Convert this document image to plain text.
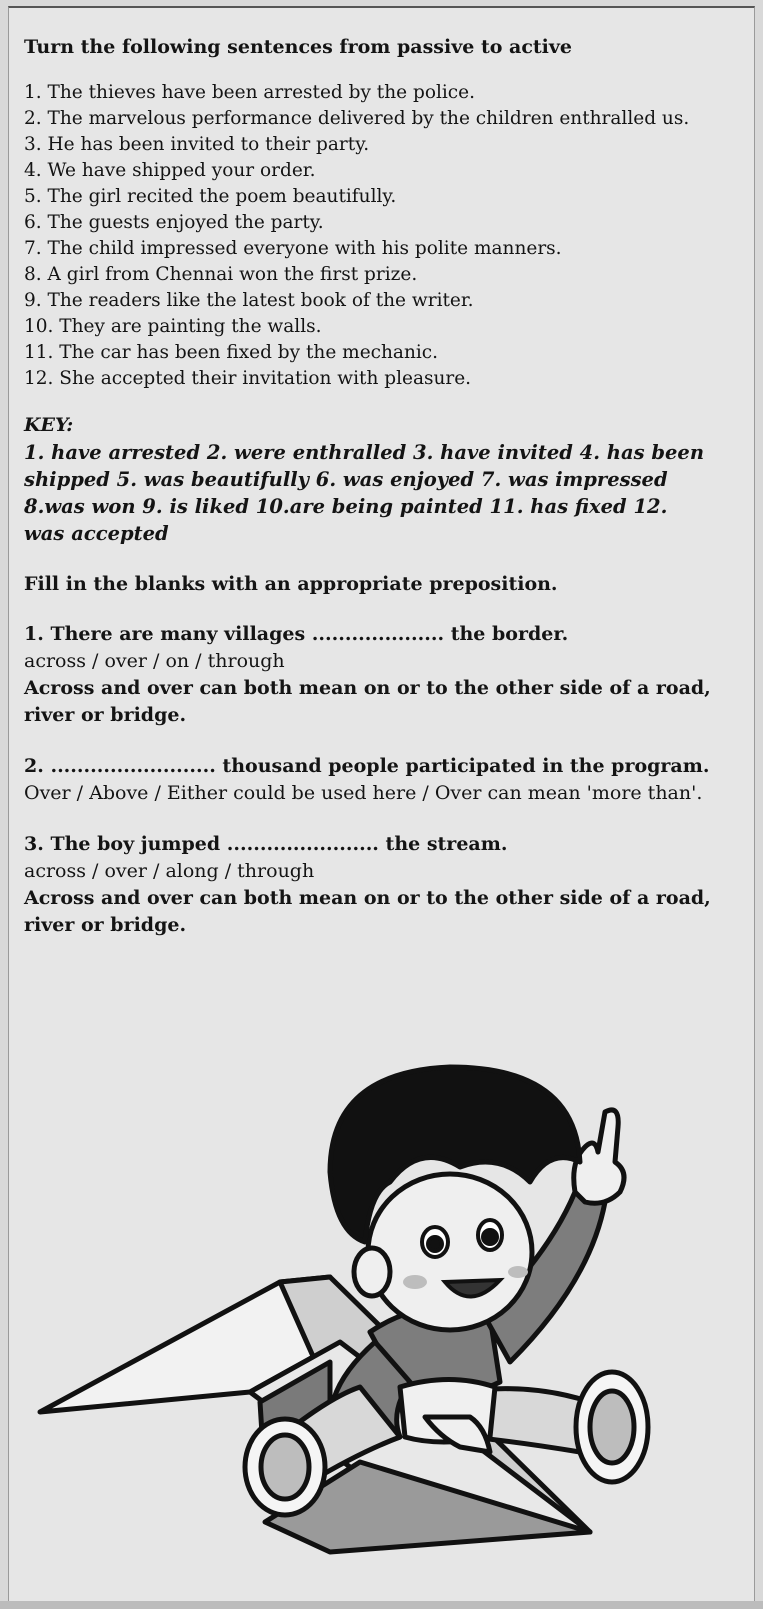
Turn the following sentences from passive to active
1. The thieves have been arrested by the police.
2. The marvelous performance delivered by the children enthralled us.
3. He has been invited to their party.
4. We have shipped your order.
5. The girl recited the poem beautifully.
6. The guests enjoyed the party.
7. The child impressed everyone with his polite manners.
8. A girl from Chennai won the first prize.
9. The readers like the latest book of the writer.
10. They are painting the walls.
11. The car has been fixed by the mechanic.
12. She accepted their invitation with pleasure.
KEY:
1. have arrested 2. were enthralled 3. have invited 4. has been shipped 5. was beautifully 6. was enjoyed 7. was impressed 8.was won 9. is liked 10.are being painted 11. has fixed 12. was accepted
Fill in the blanks with an appropriate preposition.
1. There are many villages .................... the border.
across / over / on / through
Across and over can both mean on or to the other side of a road, river or bridge.
2. ......................... thousand people participated in the program.
Over / Above / Either could be used here / Over can mean 'more than'.
3. The boy jumped ....................... the stream.
across / over / along / through
Across and over can both mean on or to the other side of a road, river or bridge.
